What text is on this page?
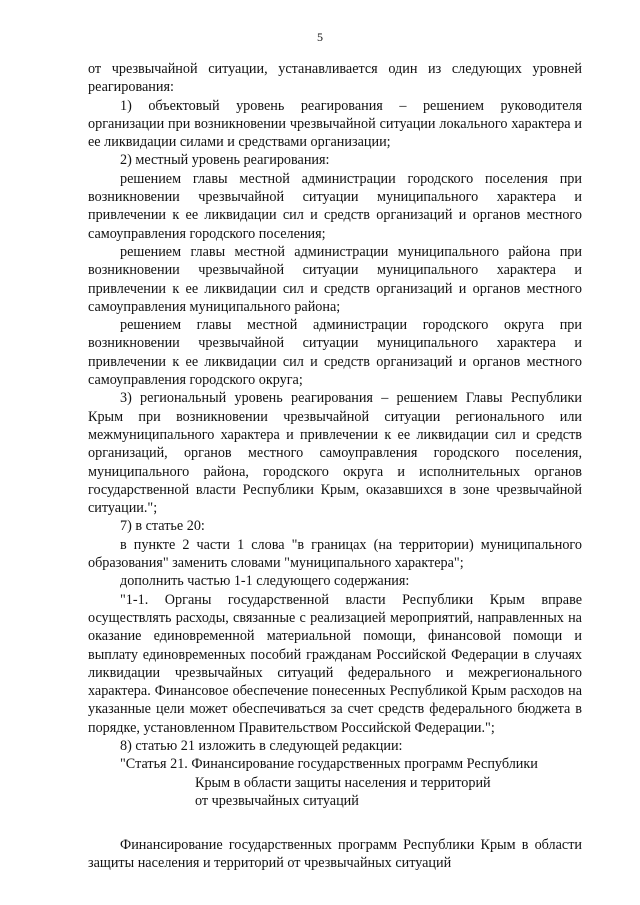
5

от чрезвычайной ситуации, устанавливается один из следующих уровней реагирования:

1) объектовый уровень реагирования – решением руководителя организации при возникновении чрезвычайной ситуации локального характера и ее ликвидации силами и средствами организации;

2) местный уровень реагирования:

решением главы местной администрации городского поселения при возникновении чрезвычайной ситуации муниципального характера и привлечении к ее ликвидации сил и средств организаций и органов местного самоуправления городского поселения;

решением главы местной администрации муниципального района при возникновении чрезвычайной ситуации муниципального характера и привлечении к ее ликвидации сил и средств организаций и органов местного самоуправления муниципального района;

решением главы местной администрации городского округа при возникновении чрезвычайной ситуации муниципального характера и привлечении к ее ликвидации сил и средств организаций и органов местного самоуправления городского округа;

3) региональный уровень реагирования – решением Главы Республики Крым при возникновении чрезвычайной ситуации регионального или межмуниципального характера и привлечении к ее ликвидации сил и средств организаций, органов местного самоуправления городского поселения, муниципального района, городского округа и исполнительных органов государственной власти Республики Крым, оказавшихся в зоне чрезвычайной ситуации.";

7) в статье 20:

в пункте 2 части 1 слова "в границах (на территории) муниципального образования" заменить словами "муниципального характера";

дополнить частью 1-1 следующего содержания:

"1-1. Органы государственной власти Республики Крым вправе осуществлять расходы, связанные с реализацией мероприятий, направленных на оказание единовременной материальной помощи, финансовой помощи и выплату единовременных пособий гражданам Российской Федерации в случаях ликвидации чрезвычайных ситуаций федерального и межрегионального характера. Финансовое обеспечение понесенных Республикой Крым расходов на указанные цели может обеспечиваться за счет средств федерального бюджета в порядке, установленном Правительством Российской Федерации.";

8) статью 21 изложить в следующей редакции:

"Статья 21. Финансирование государственных программ Республики
Крым в области защиты населения и территорий
от чрезвычайных ситуаций

Финансирование государственных программ Республики Крым в области защиты населения и территорий от чрезвычайных ситуаций
